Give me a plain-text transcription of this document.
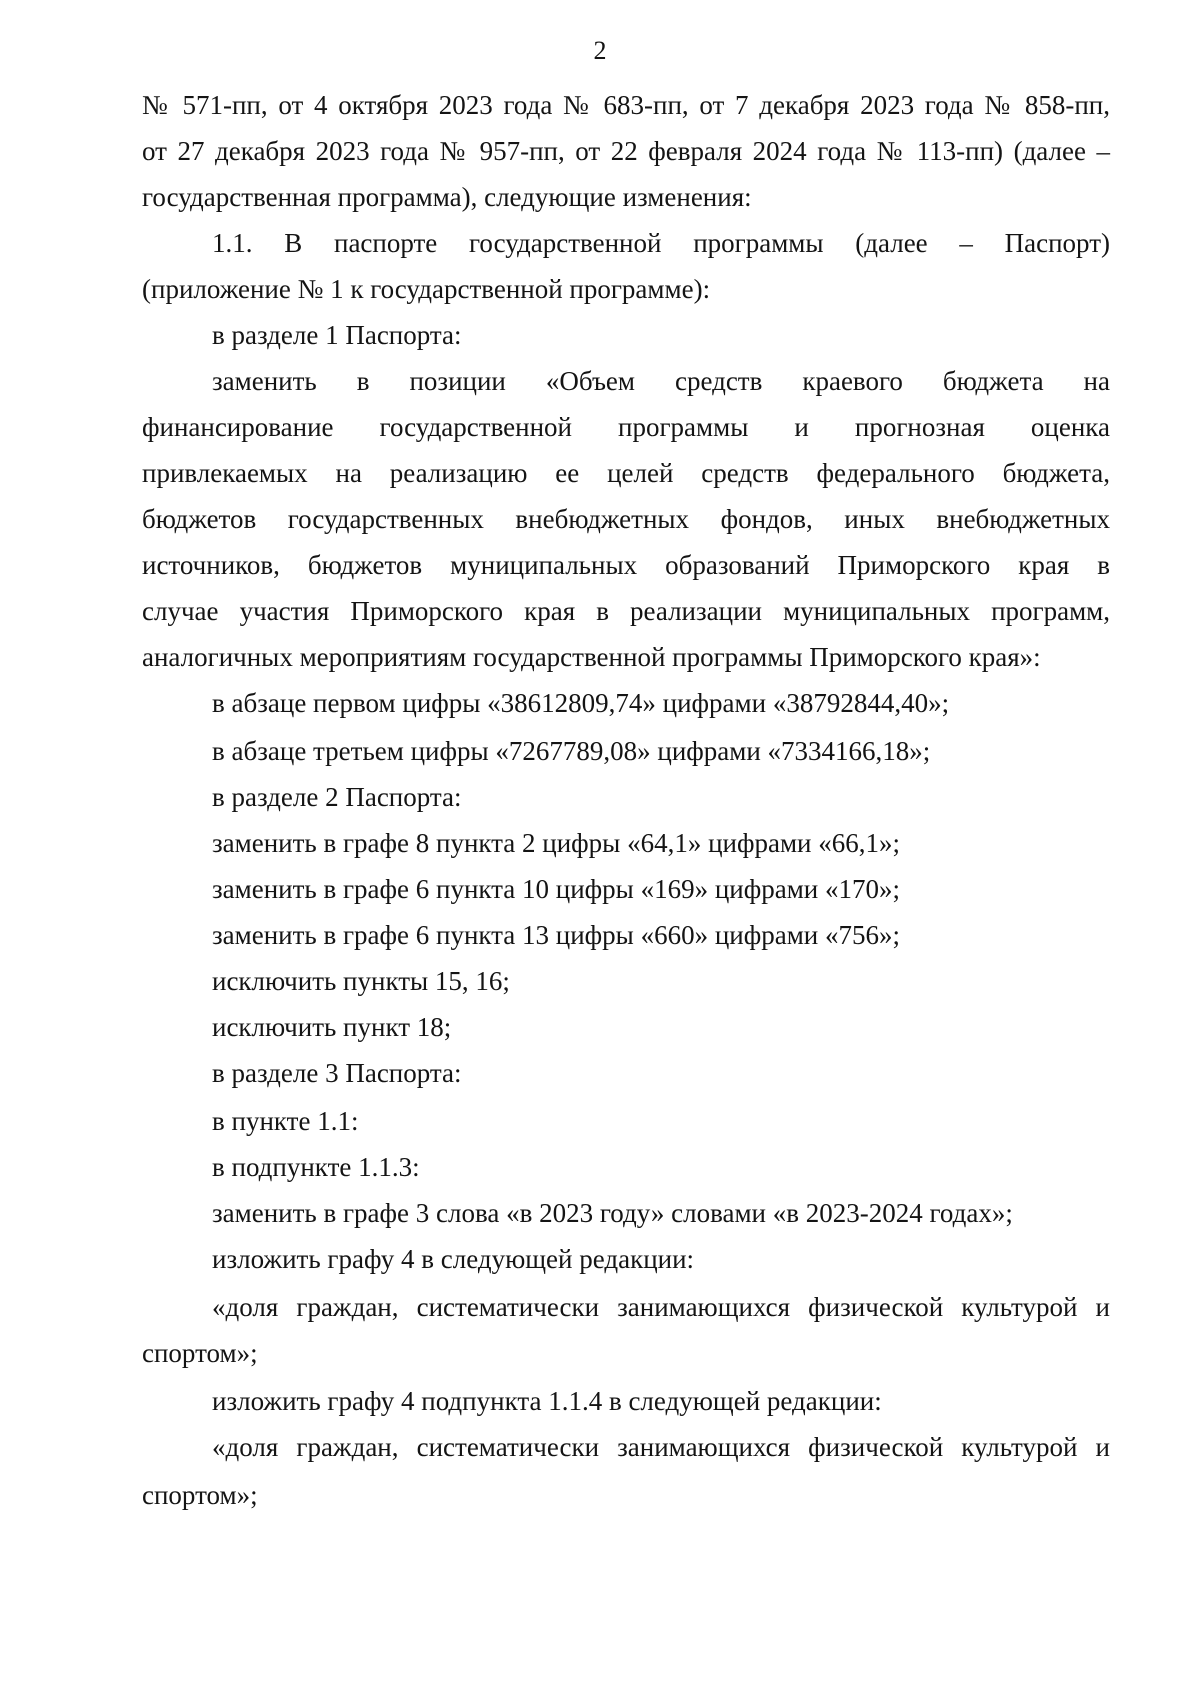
2
№ 571-пп, от 4 октября 2023 года № 683-пп, от 7 декабря 2023 года № 858-пп,
от 27 декабря 2023 года № 957-пп, от 22 февраля 2024 года № 113-пп) (далее –
государственная программа), следующие изменения:
1.1. В паспорте государственной программы (далее – Паспорт)
(приложение № 1 к государственной программе):
в разделе 1 Паспорта:
заменить в позиции «Объем средств краевого бюджета на
финансирование государственной программы и прогнозная оценка
привлекаемых на реализацию ее целей средств федерального бюджета,
бюджетов государственных внебюджетных фондов, иных внебюджетных
источников, бюджетов муниципальных образований Приморского края в
случае участия Приморского края в реализации муниципальных программ,
аналогичных мероприятиям государственной программы Приморского края»:
в абзаце первом цифры «38612809,74» цифрами «38792844,40»;
в абзаце третьем цифры «7267789,08» цифрами «7334166,18»;
в разделе 2 Паспорта:
заменить в графе 8 пункта 2 цифры «64,1» цифрами «66,1»;
заменить в графе 6 пункта 10 цифры «169» цифрами «170»;
заменить в графе 6 пункта 13 цифры «660» цифрами «756»;
исключить пункты 15, 16;
исключить пункт 18;
в разделе 3 Паспорта:
в пункте 1.1:
в подпункте 1.1.3:
заменить в графе 3 слова «в 2023 году» словами «в 2023-2024 годах»;
изложить графу 4 в следующей редакции:
«доля граждан, систематически занимающихся физической культурой и
спортом»;
изложить графу 4 подпункта 1.1.4 в следующей редакции:
«доля граждан, систематически занимающихся физической культурой и
спортом»;
